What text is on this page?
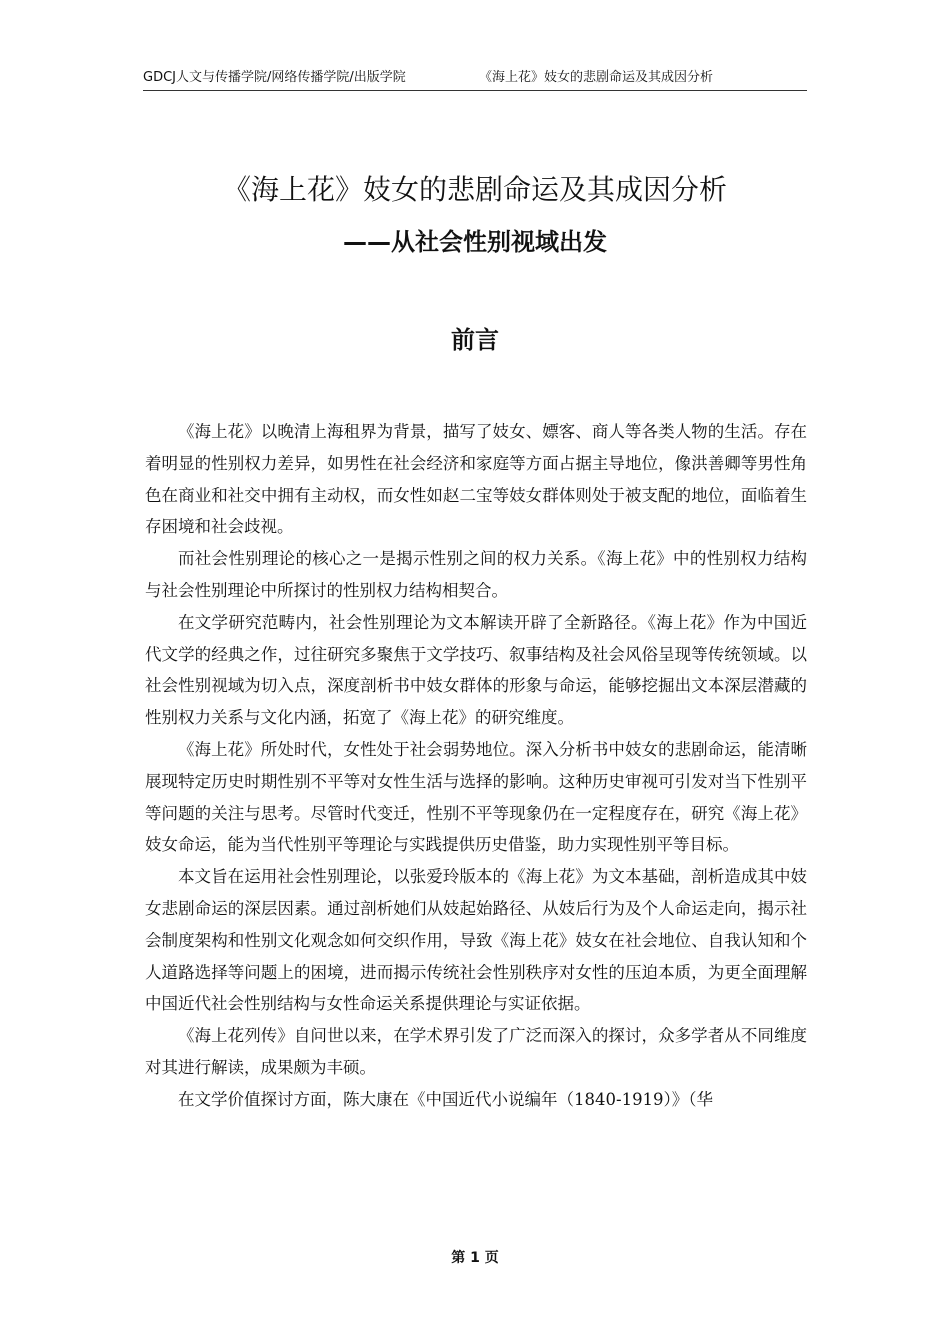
GDCJ人文与传播学院/网络传播学院/出版学院	《海上花》妓女的悲剧命运及其成因分析
《海上花》妓女的悲剧命运及其成因分析
——从社会性别视域出发
前言

《海上花》以晚清上海租界为背景，描写了妓女、嫖客、商人等各类人物的生活。存在着明显的性别权力差异，如男性在社会经济和家庭等方面占据主导地位，像洪善卿等男性角色在商业和社交中拥有主动权，而女性如赵二宝等妓女群体则处于被支配的地位，面临着生存困境和社会歧视。

而社会性别理论的核心之一是揭示性别之间的权力关系。《海上花》中的性别权力结构与社会性别理论中所探讨的性别权力结构相契合。

在文学研究范畴内，社会性别理论为文本解读开辟了全新路径。《海上花》作为中国近代文学的经典之作，过往研究多聚焦于文学技巧、叙事结构及社会风俗呈现等传统领域。以社会性别视域为切入点，深度剖析书中妓女群体的形象与命运，能够挖掘出文本深层潜藏的性别权力关系与文化内涵，拓宽了《海上花》的研究维度。

《海上花》所处时代，女性处于社会弱势地位。深入分析书中妓女的悲剧命运，能清晰展现特定历史时期性别不平等对女性生活与选择的影响。这种历史审视可引发对当下性别平等问题的关注与思考。尽管时代变迁，性别不平等现象仍在一定程度存在，研究《海上花》妓女命运，能为当代性别平等理论与实践提供历史借鉴，助力实现性别平等目标。

本文旨在运用社会性别理论，以张爱玲版本的《海上花》为文本基础，剖析造成其中妓女悲剧命运的深层因素。通过剖析她们从妓起始路径、从妓后行为及个人命运走向，揭示社会制度架构和性别文化观念如何交织作用，导致《海上花》妓女在社会地位、自我认知和个人道路选择等问题上的困境，进而揭示传统社会性别秩序对女性的压迫本质，为更全面理解中国近代社会性别结构与女性命运关系提供理论与实证依据。

《海上花列传》自问世以来，在学术界引发了广泛而深入的探讨，众多学者从不同维度对其进行解读，成果颇为丰硕。

在文学价值探讨方面，陈大康在《中国近代小说编年（1840-1919）》（华

第 1 页
